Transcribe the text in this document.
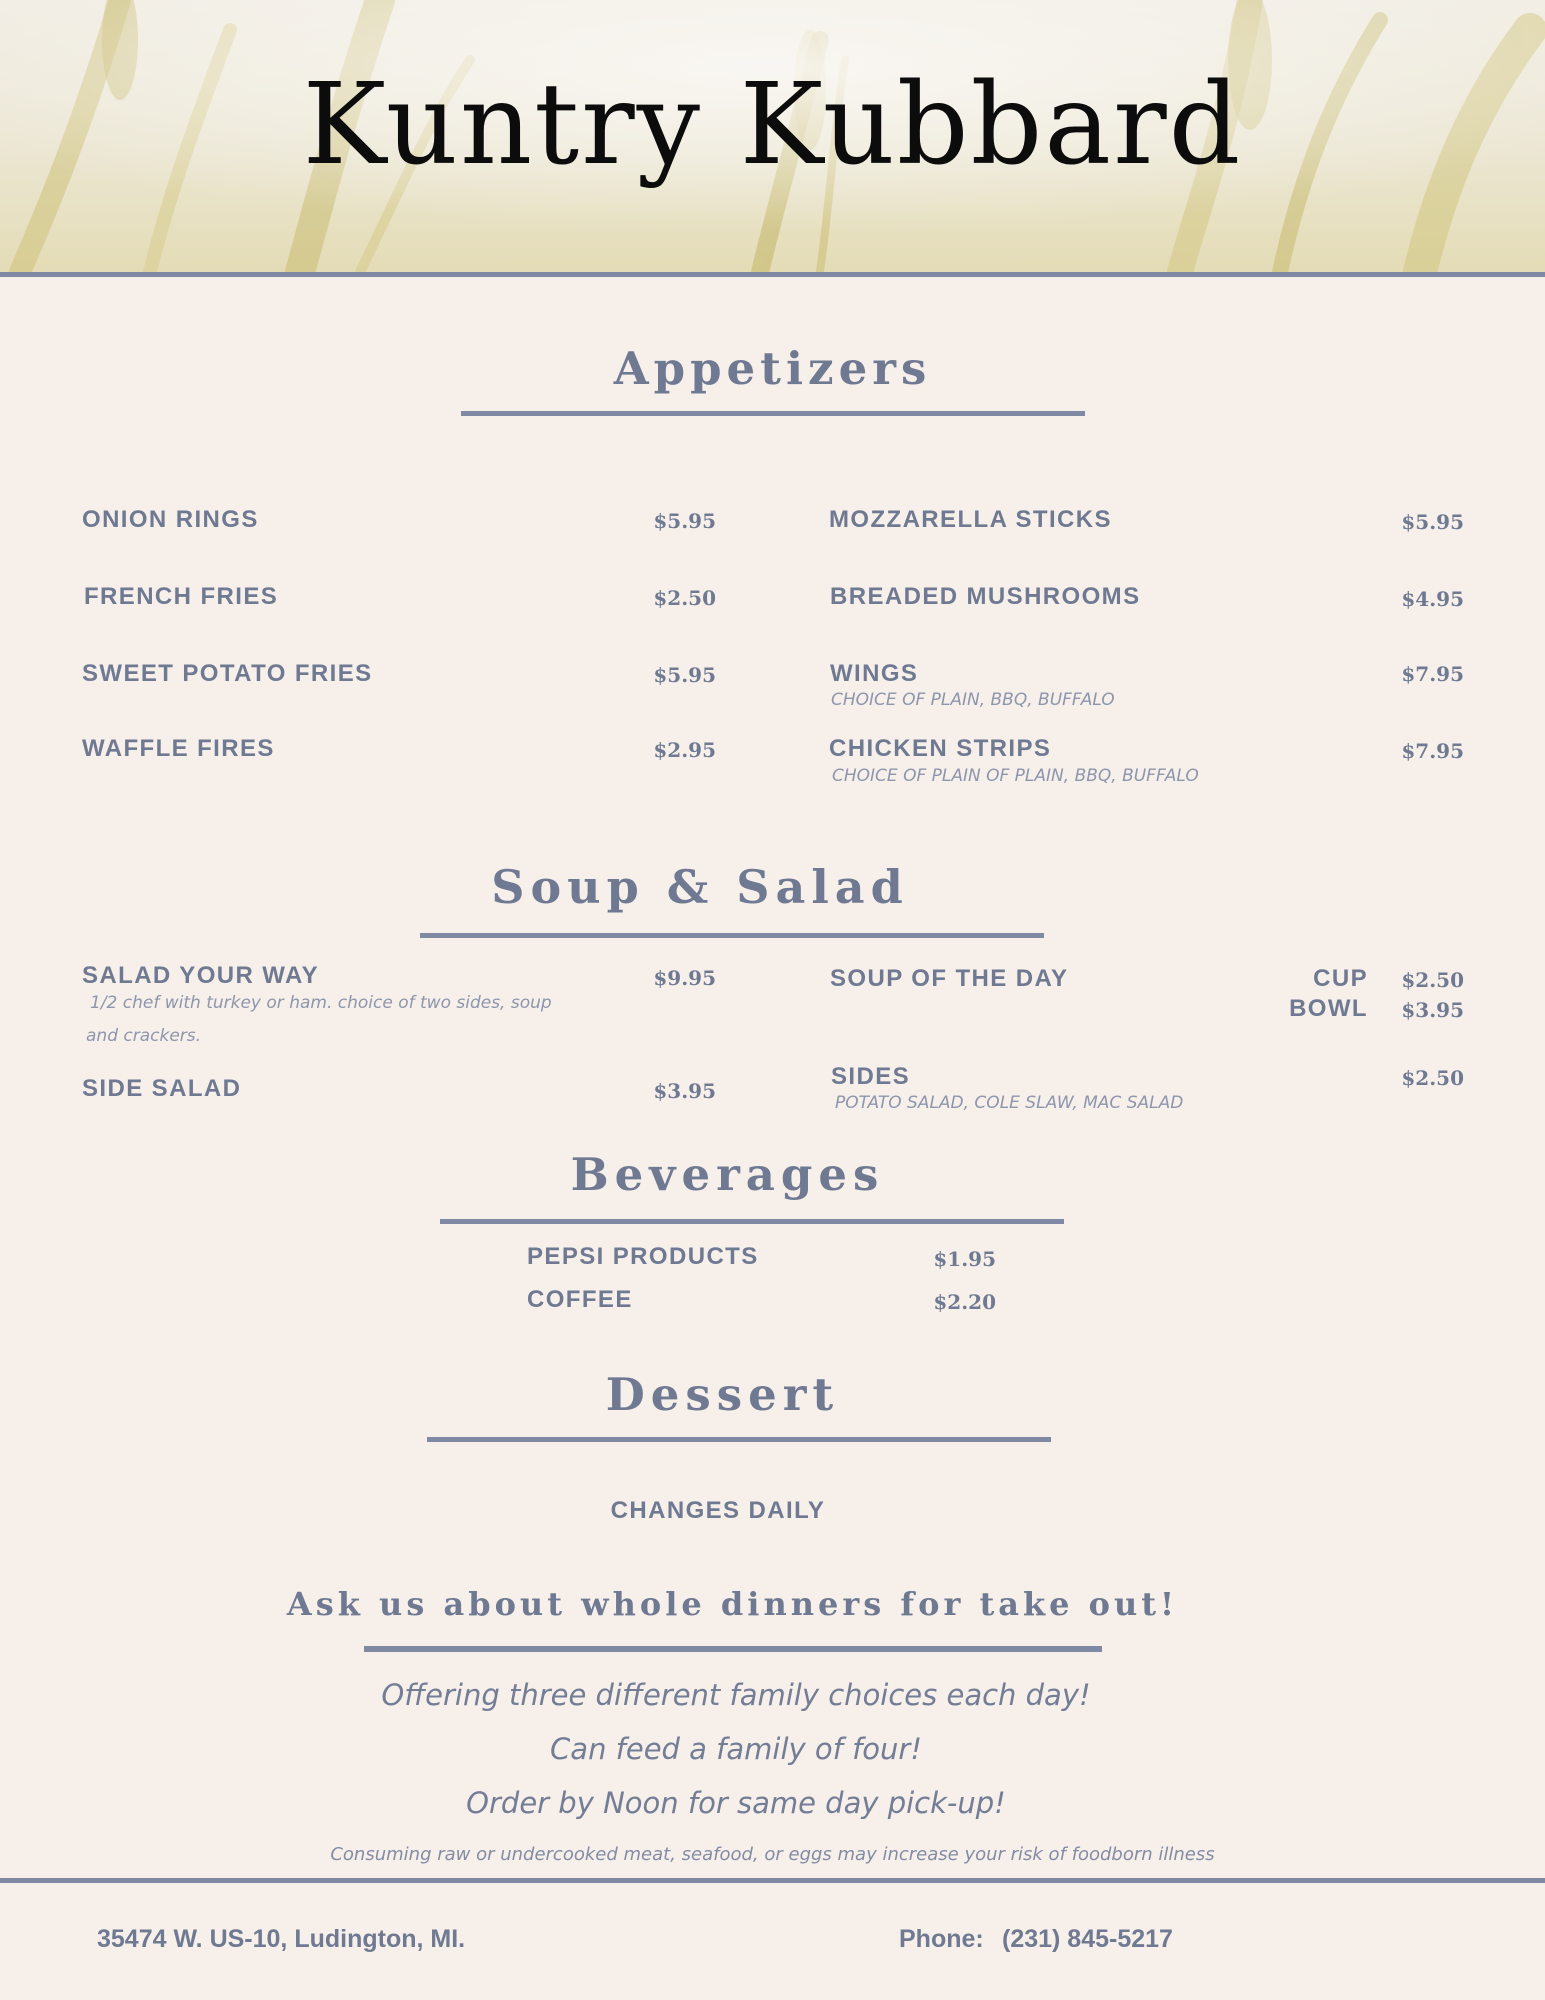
Kuntry Kubbard
Appetizers
ONION RINGS	$5.95
FRENCH FRIES	$2.50
SWEET POTATO FRIES	$5.95
WAFFLE FIRES	$2.95
MOZZARELLA STICKS	$5.95
BREADED MUSHROOMS	$4.95
WINGS	$7.95
CHOICE OF PLAIN, BBQ, BUFFALO
CHICKEN STRIPS	$7.95
CHOICE OF PLAIN OF PLAIN, BBQ, BUFFALO
Soup & Salad
SALAD YOUR WAY	$9.95
1/2 chef with turkey or ham. choice of two sides, soup
and crackers.
SIDE SALAD	$3.95
SOUP OF THE DAY	CUP	$2.50
BOWL	$3.95
SIDES	$2.50
POTATO SALAD, COLE SLAW, MAC SALAD
Beverages
PEPSI PRODUCTS	$1.95
COFFEE	$2.20
Dessert
CHANGES DAILY
Ask us about whole dinners for take out!
Offering three different family choices each day!
Can feed a family of four!
Order by Noon for same day pick-up!
Consuming raw or undercooked meat, seafood, or eggs may increase your risk of foodborn illness
35474 W. US-10, Ludington, MI.	Phone: (231) 845-5217
